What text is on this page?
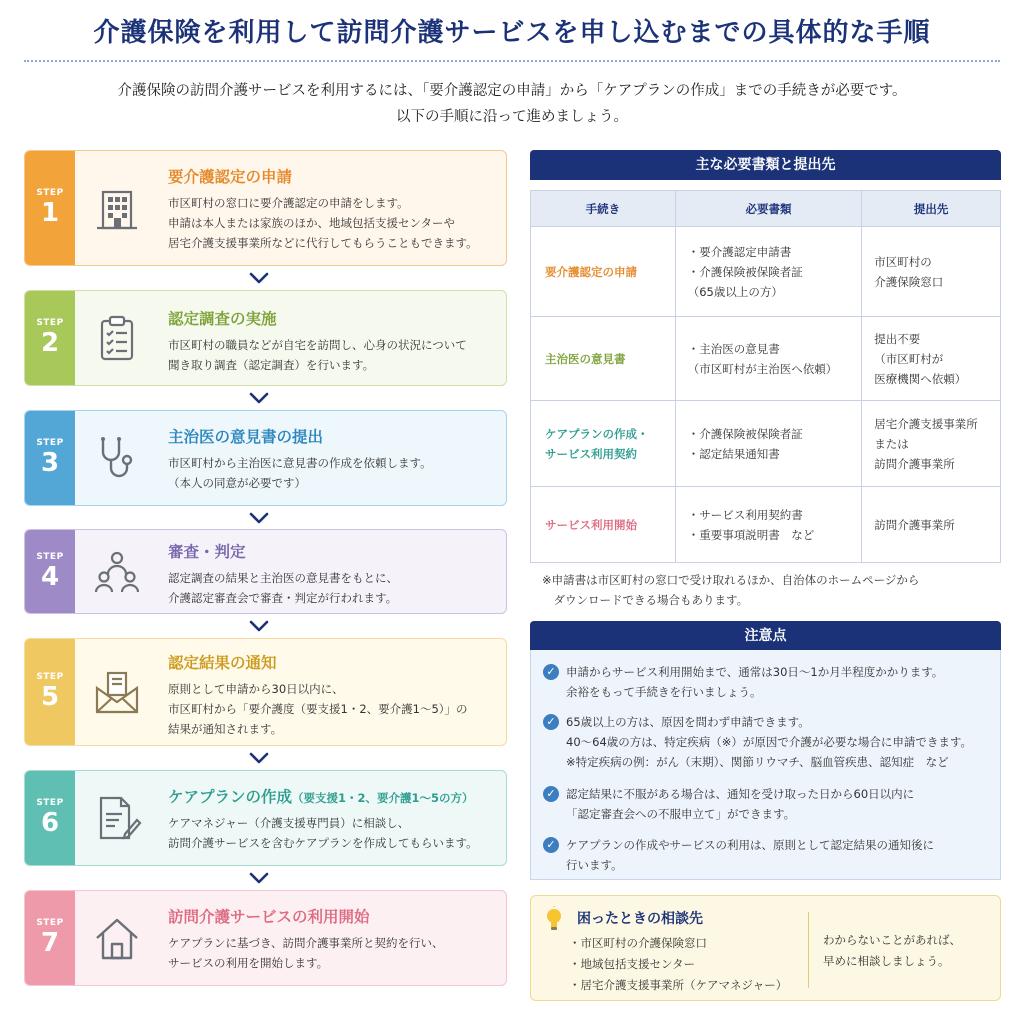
介護保険を利用して訪問介護サービスを申し込むまでの具体的な手順
介護保険の訪問介護サービスを利用するには、「要介護認定の申請」から「ケアプランの作成」までの手続きが必要です。
以下の手順に沿って進めましょう。
STEP
1
要介護認定の申請
市区町村の窓口に要介護認定の申請をします。
申請は本人または家族のほか、地域包括支援センターや
居宅介護支援事業所などに代行してもらうこともできます。
STEP
2
認定調査の実施
市区町村の職員などが自宅を訪問し、心身の状況について
聞き取り調査（認定調査）を行います。
STEP
3
主治医の意見書の提出
市区町村から主治医に意見書の作成を依頼します。
（本人の同意が必要です）
STEP
4
審査・判定
認定調査の結果と主治医の意見書をもとに、
介護認定審査会で審査・判定が行われます。
STEP
5
認定結果の通知
原則として申請から30日以内に、
市区町村から「要介護度（要支援1・2、要介護1〜5）」の
結果が通知されます。
STEP
6
ケアプランの作成（要支援1・2、要介護1〜5の方）
ケアマネジャー（介護支援専門員）に相談し、
訪問介護サービスを含むケアプランを作成してもらいます。
STEP
7
訪問介護サービスの利用開始
ケアプランに基づき、訪問介護事業所と契約を行い、
サービスの利用を開始します。
主な必要書類と提出先
手続き	必要書類	提出先
要介護認定の申請	・要介護認定申請書
・介護保険被保険者証
（65歳以上の方）	市区町村の
介護保険窓口
主治医の意見書	・主治医の意見書
（市区町村が主治医へ依頼）	提出不要
（市区町村が
医療機関へ依頼）
ケアプランの作成・
サービス利用契約	・介護保険被保険者証
・認定結果通知書	居宅介護支援事業所
または
訪問介護事業所
サービス利用開始	・サービス利用契約書
・重要事項説明書　など	訪問介護事業所
※申請書は市区町村の窓口で受け取れるほか、自治体のホームページから
　ダウンロードできる場合もあります。
注意点
✓ 申請からサービス利用開始まで、通常は30日〜1か月半程度かかります。
余裕をもって手続きを行いましょう。
✓ 65歳以上の方は、原因を問わず申請できます。
40〜64歳の方は、特定疾病（※）が原因で介護が必要な場合に申請できます。
※特定疾病の例：がん（末期）、関節リウマチ、脳血管疾患、認知症　など
✓ 認定結果に不服がある場合は、通知を受け取った日から60日以内に
「認定審査会への不服申立て」ができます。
✓ ケアプランの作成やサービスの利用は、原則として認定結果の通知後に
行います。
困ったときの相談先
・ 市区町村の介護保険窓口
・ 地域包括支援センター
・ 居宅介護支援事業所（ケアマネジャー）
わからないことがあれば、
早めに相談しましょう。
